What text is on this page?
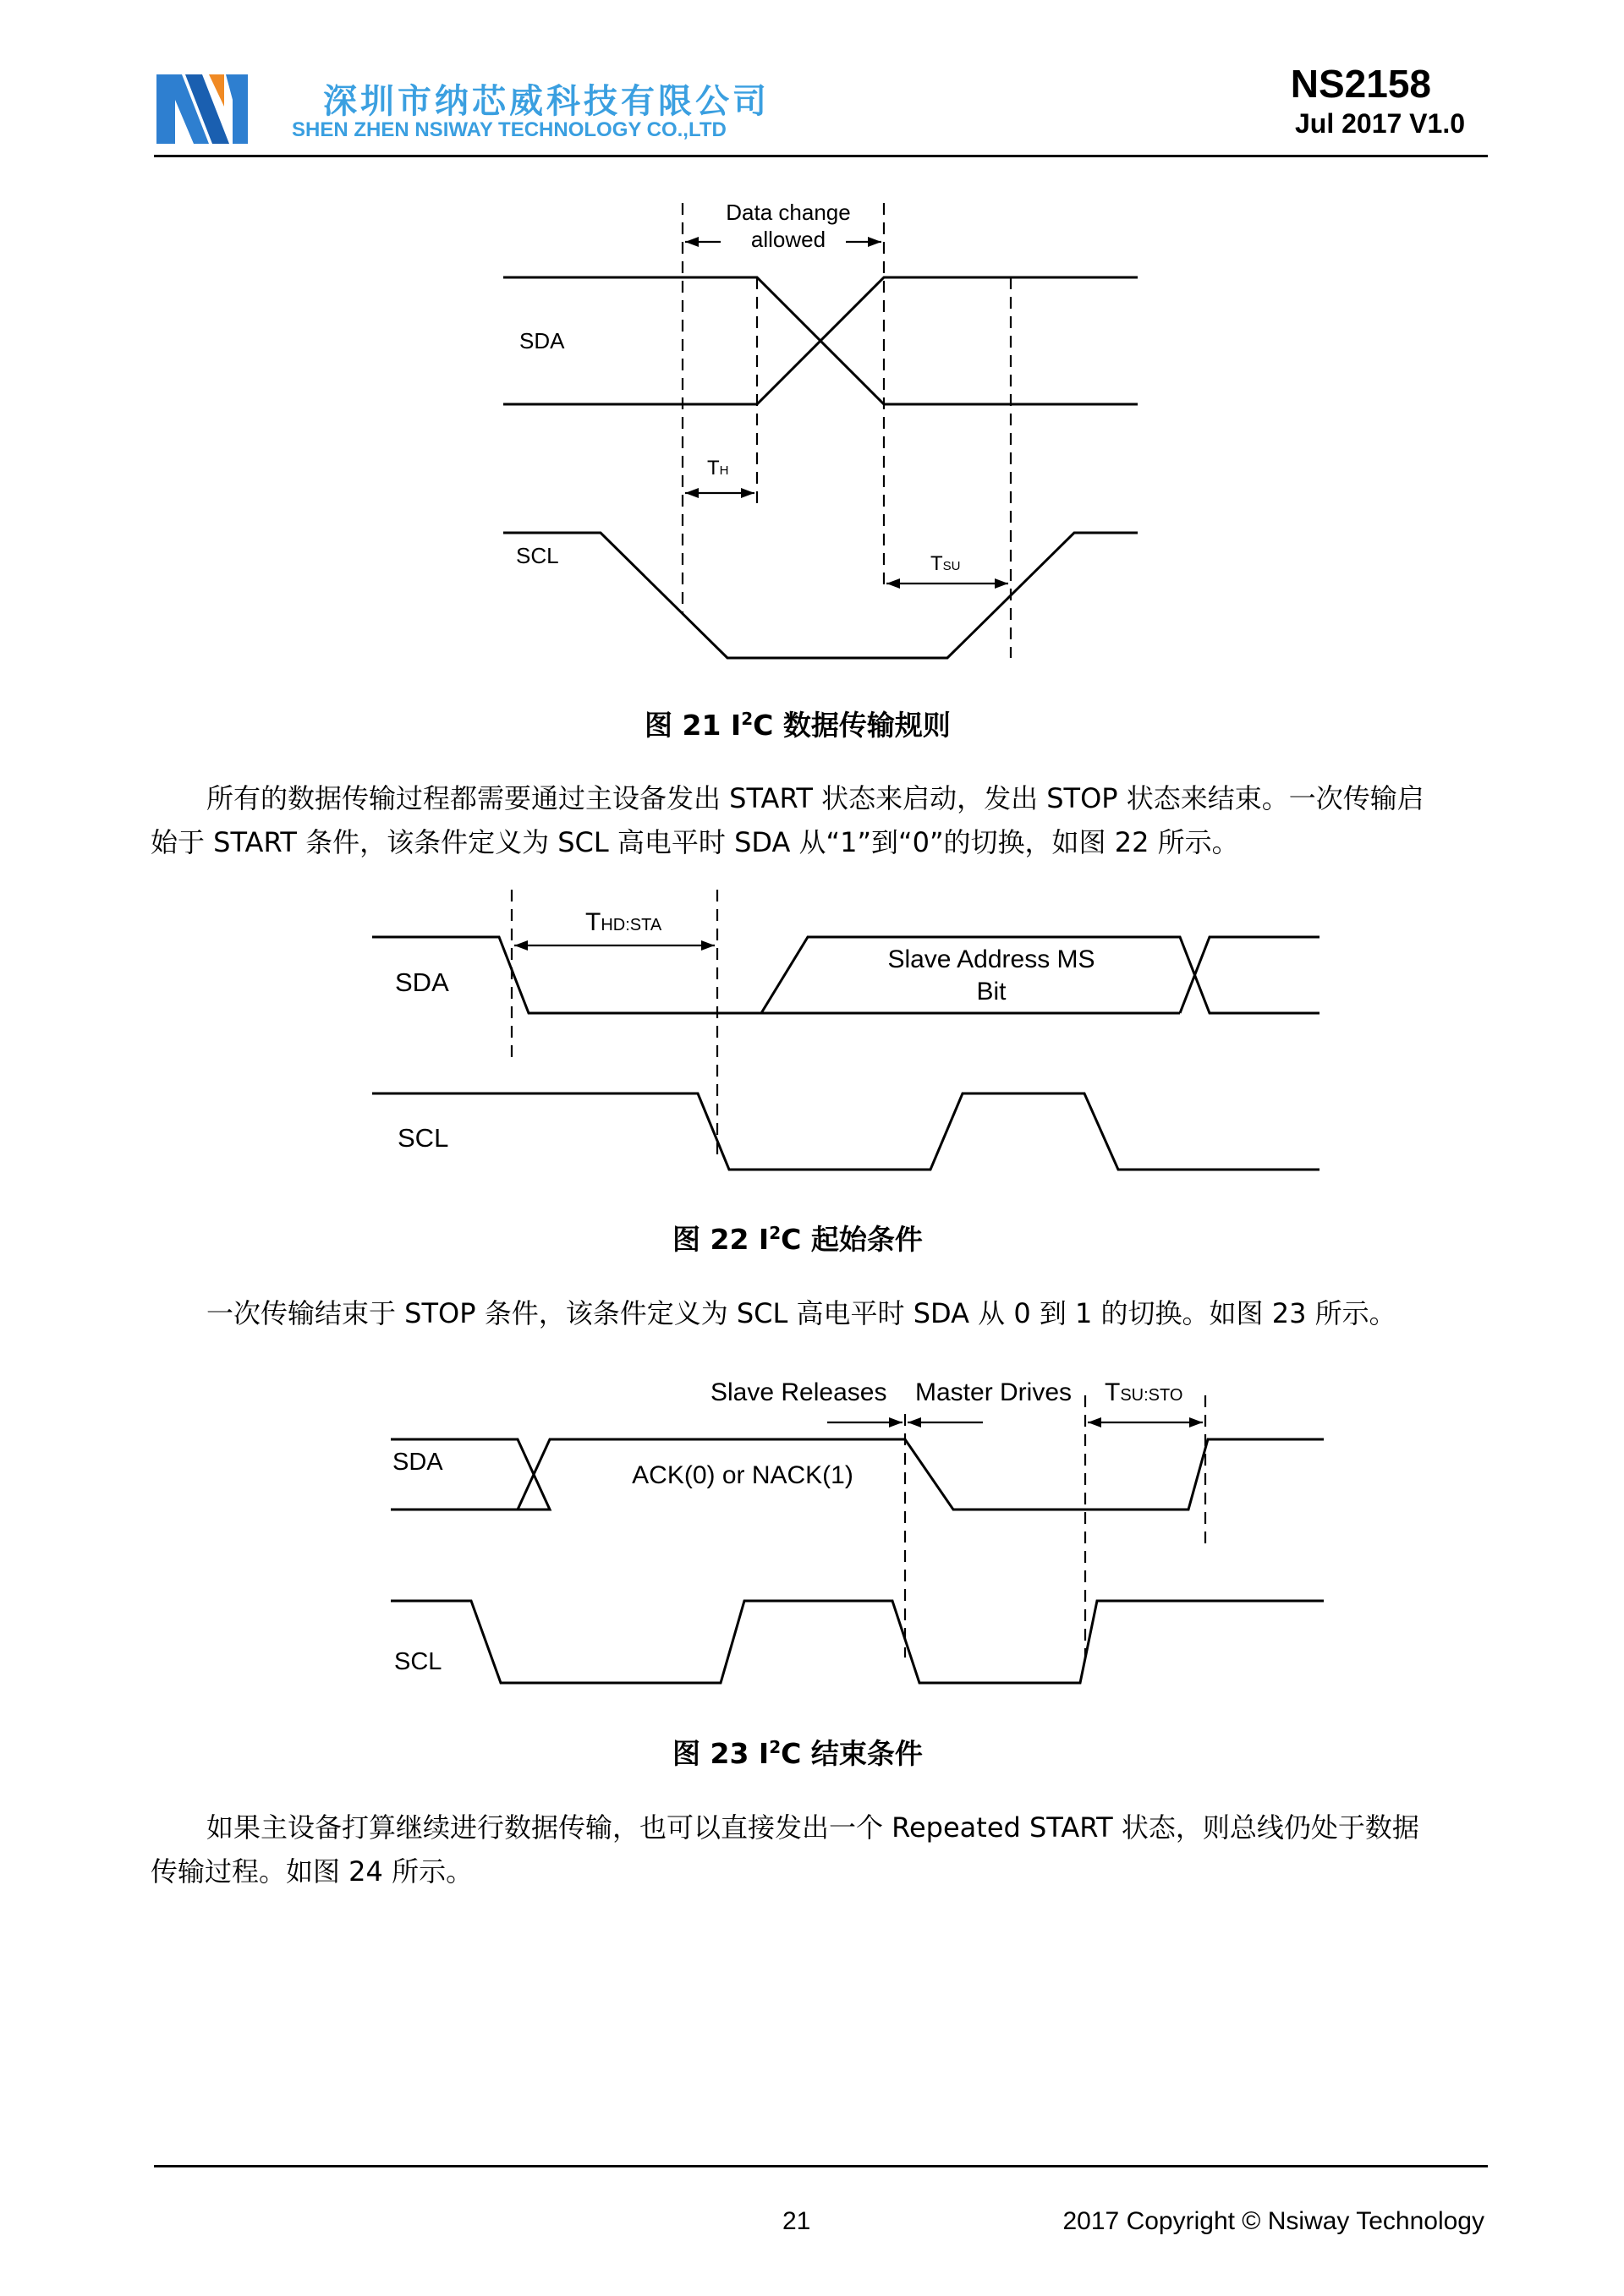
深圳市纳芯威科技有限公司
SHEN ZHEN NSIWAY TECHNOLOGY CO.,LTD
NS2158
Jul 2017 V1.0
Data change
allowed
TH
TSU
SDA
SCL
图 21 $I^2C$ 数据传输规则
所有的数据传输过程都需要通过主设备发出 START 状态来启动，发出 STOP 状态来结束。一次传输启
始于 START 条件，该条件定义为 SCL 高电平时 SDA 从“1”到“0”的切换，如图 22 所示。
THD:STA
Slave Address MS
Bit
SDA
SCL
图 22 $I^2C$ 起始条件
一次传输结束于 STOP 条件，该条件定义为 SCL 高电平时 SDA 从 0 到 1 的切换。如图 23 所示。
Slave Releases Master Drives TSU:STO
ACK(0) or NACK(1)
SDA
SCL
图 23 $I^2C$ 结束条件
如果主设备打算继续进行数据传输，也可以直接发出一个 Repeated START 状态，则总线仍处于数据
传输过程。如图 24 所示。
21	2017 Copyright © Nsiway Technology
